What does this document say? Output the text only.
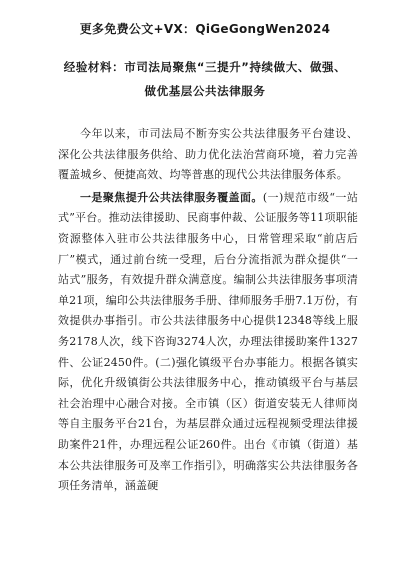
更多免费公文+VX：QiGeGongWen2024
经验材料：市司法局聚焦“三提升”持续做大、做强、做优基层公共法律服务

今年以来，市司法局不断夯实公共法律服务平台建设、深化公共法律服务供给、助力优化法治营商环境，着力完善覆盖城乡、便捷高效、均等普惠的现代公共法律服务体系。

一是聚焦提升公共法律服务覆盖面。(一)规范市级“一站式”平台。推动法律援助、民商事仲裁、公证服务等11项职能资源整体入驻市公共法律服务中心，日常管理采取“前店后厂”模式，通过前台统一受理，后台分流指派为群众提供“一站式”服务，有效提升群众满意度。编制公共法律服务事项清单21项，编印公共法律服务手册、律师服务手册7.1万份，有效提供办事指引。市公共法律服务中心提供12348等线上服务2178人次，线下咨询3274人次，办理法律援助案件1327件、公证2450件。(二)强化镇级平台办事能力。根据各镇实际，优化升级镇街公共法律服务中心，推动镇级平台与基层社会治理中心融合对接。全市镇（区）街道安装无人律师岗等自主服务平台21台，为基层群众通过远程视频受理法律援助案件21件，办理远程公证260件。出台《市镇（街道）基本公共法律服务可及率工作指引》，明确落实公共法律服务各项任务清单，涵盖硬
